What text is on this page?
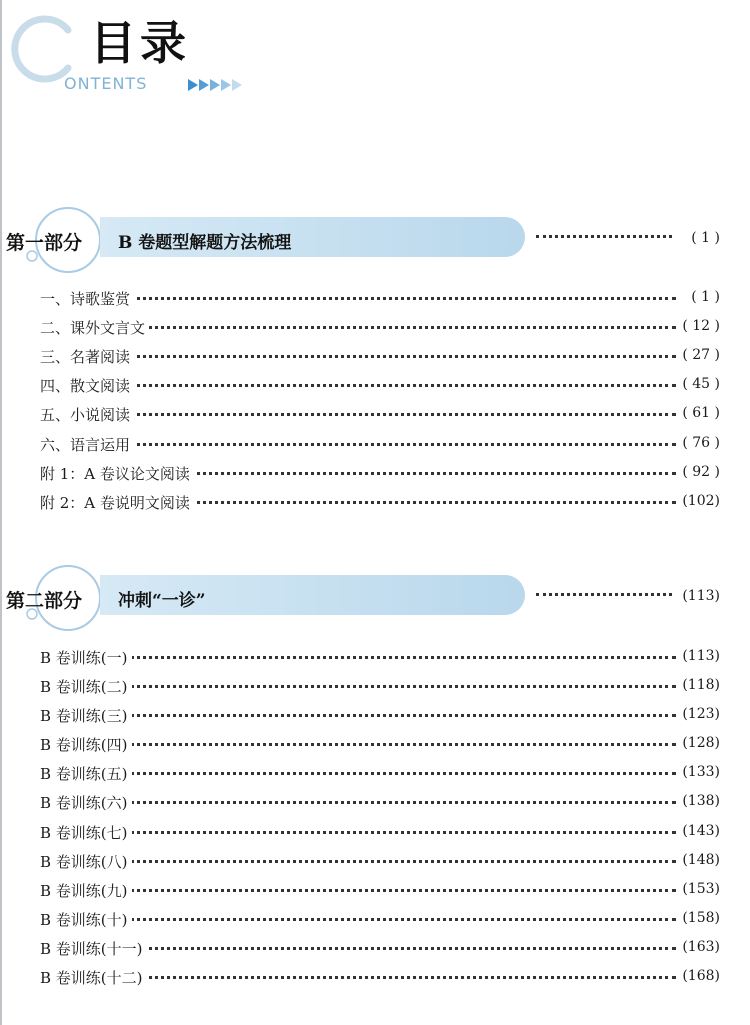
目录
ONTENTS
第一部分 B 卷题型解题方法梳理	( 1 )
一、诗歌鉴赏	( 1 )
二、课外文言文	( 12 )
三、名著阅读	( 27 )
四、散文阅读	( 45 )
五、小说阅读	( 61 )
六、语言运用	( 76 )
附 1：A 卷议论文阅读	( 92 )
附 2：A 卷说明文阅读	(102)
第二部分 冲刺“一诊”	(113)
B 卷训练(一)	(113)
B 卷训练(二)	(118)
B 卷训练(三)	(123)
B 卷训练(四)	(128)
B 卷训练(五)	(133)
B 卷训练(六)	(138)
B 卷训练(七)	(143)
B 卷训练(八)	(148)
B 卷训练(九)	(153)
B 卷训练(十)	(158)
B 卷训练(十一)	(163)
B 卷训练(十二)	(168)
